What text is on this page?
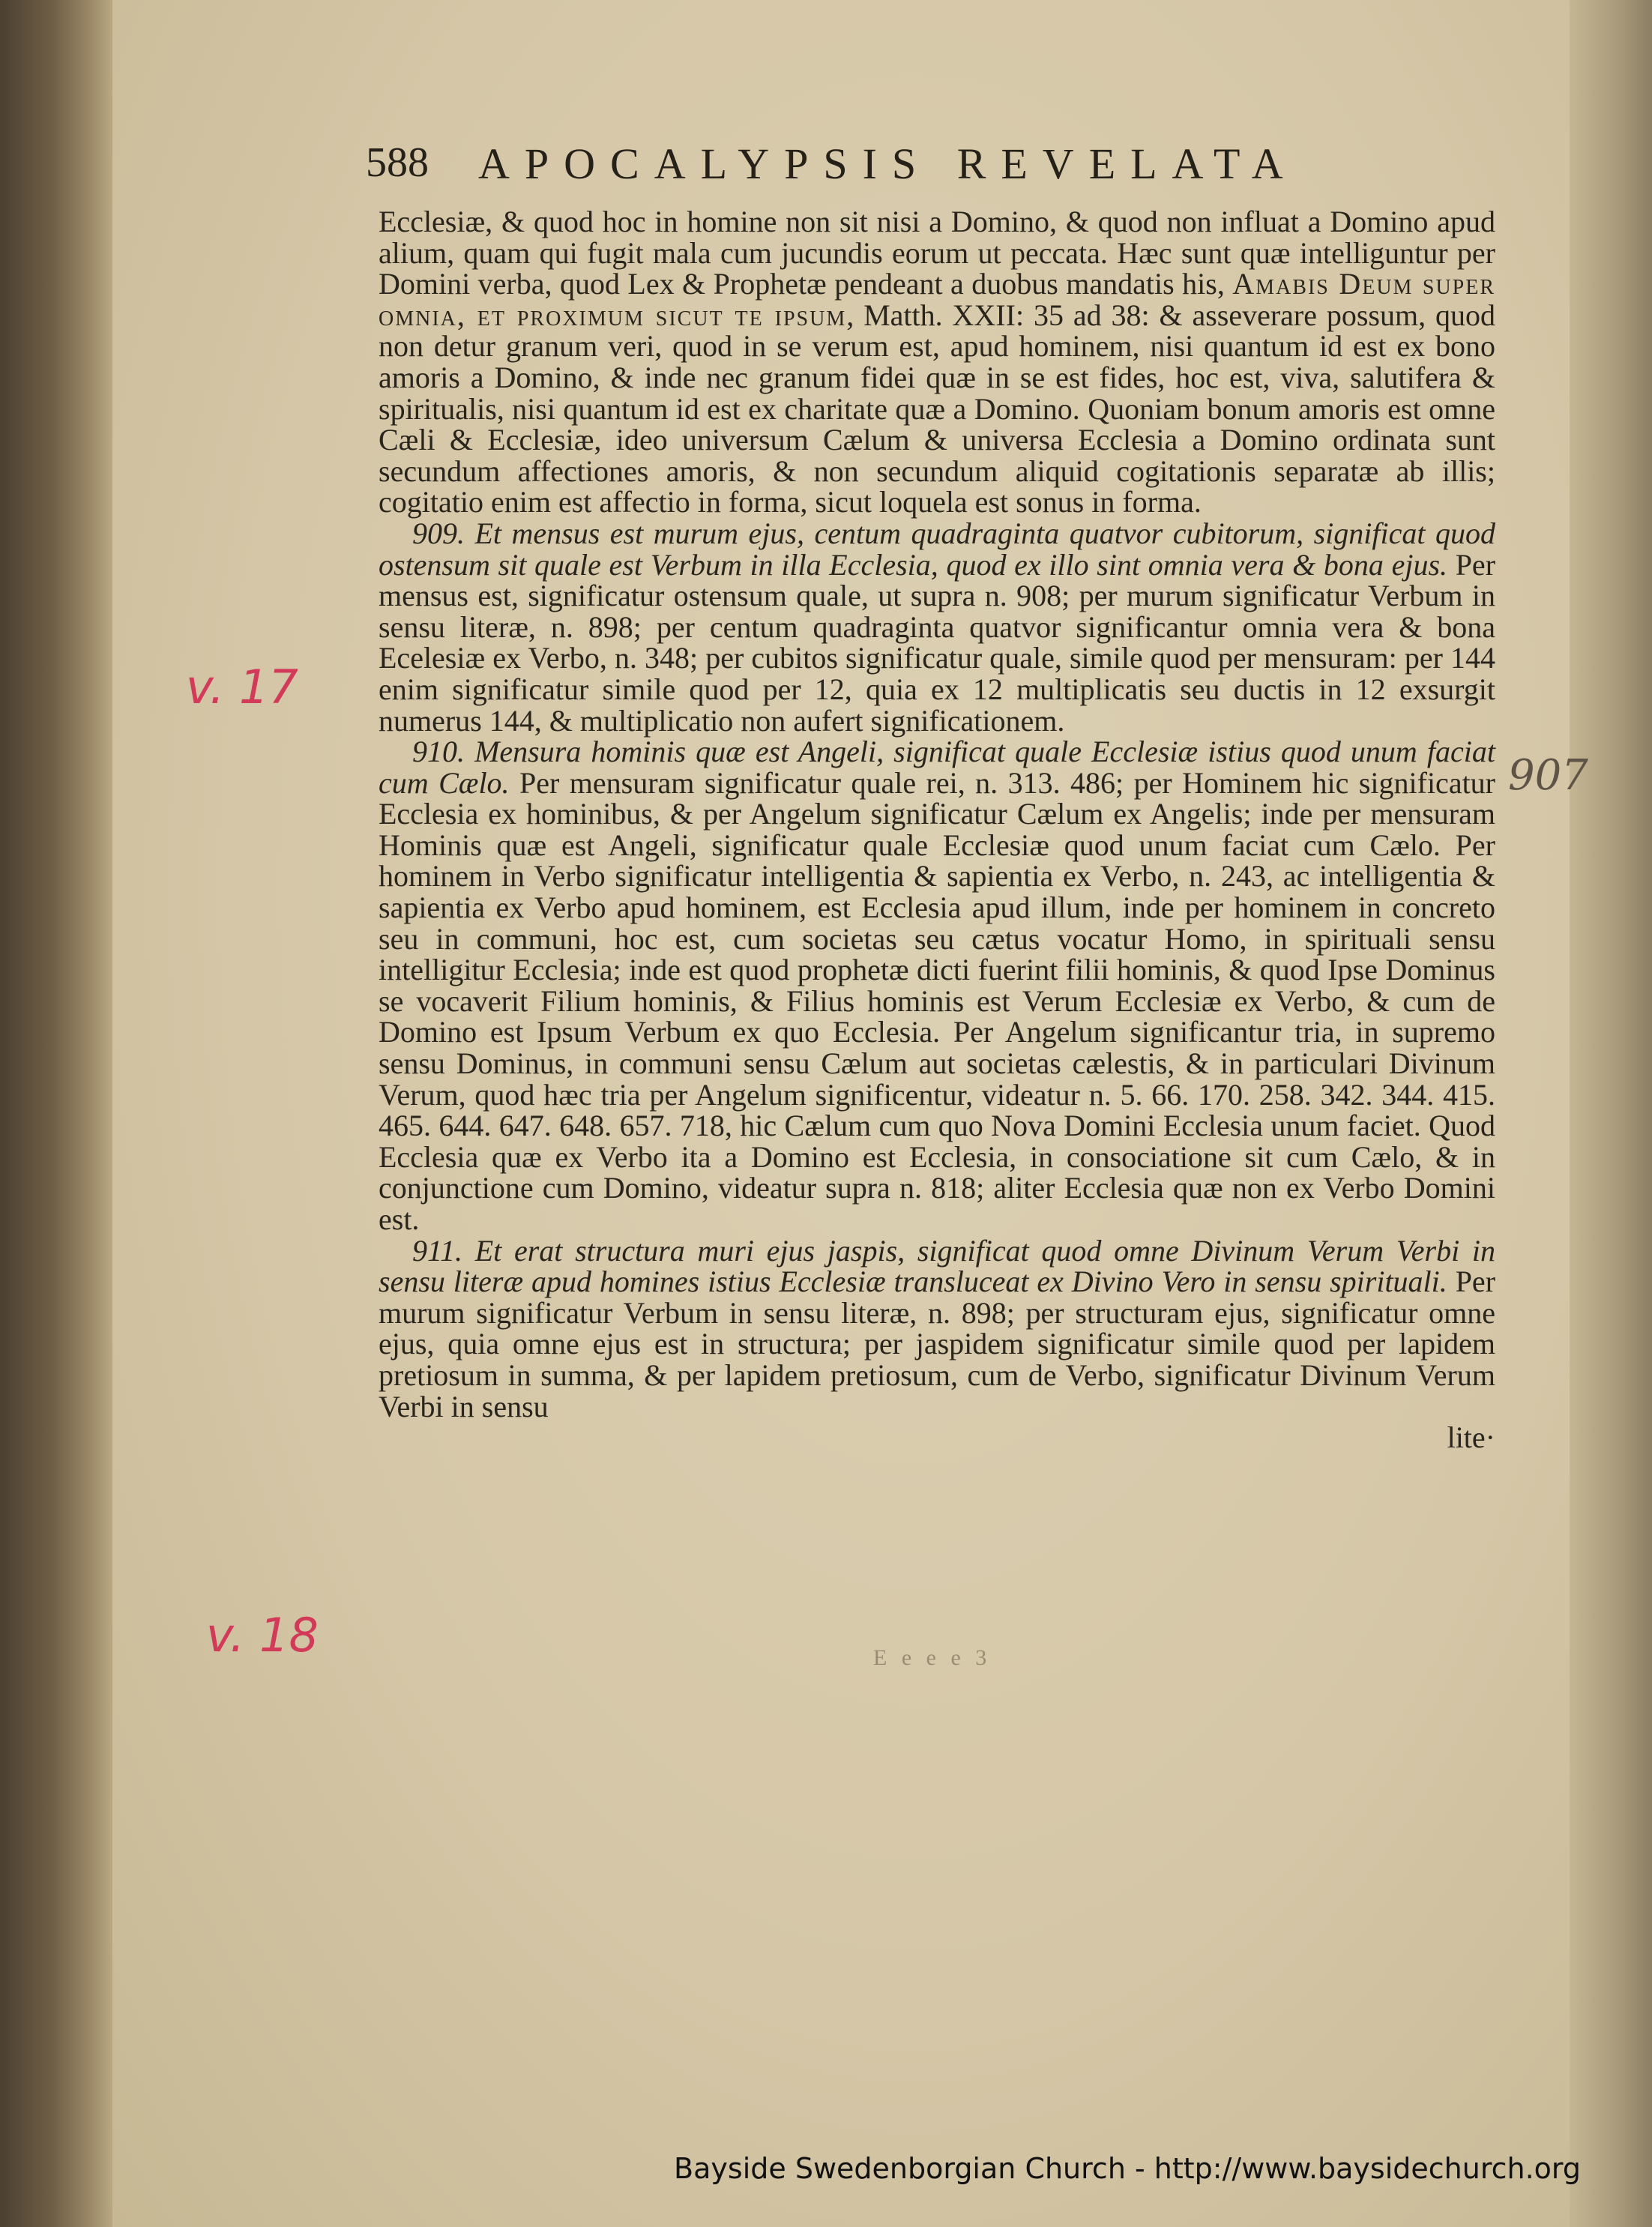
588 APOCALYPSIS REVELATA

Ecclesiæ, & quod hoc in homine non sit nisi a Domino, & quod non influat a Domino apud alium, quam qui fugit mala cum jucundis eorum ut peccata. Hæc sunt quæ intelliguntur per Domini verba, quod Lex & Prophetæ pendeant a duobus mandatis his, Amabis Deum super omnia, et proximum sicut te ipsum, Matth. XXII: 35 ad 38: & asseverare possum, quod non detur granum veri, quod in se verum est, apud hominem, nisi quantum id est ex bono amoris a Domino, & inde nec granum fidei quæ in se est fides, hoc est, viva, salutifera & spiritualis, nisi quantum id est ex charitate quæ a Domino. Quoniam bonum amoris est omne Cæli & Ecclesiæ, ideo universum Cælum & universa Ecclesia a Domino ordinata sunt secundum affectiones amoris, & non secundum aliquid cogitationis separatæ ab illis; cogitatio enim est affectio in forma, sicut loquela est sonus in forma.

909. Et mensus est murum ejus, centum quadraginta quatvor cubitorum, significat quod ostensum sit quale est Verbum in illa Ecclesia, quod ex illo sint omnia vera & bona ejus. Per mensus est, significatur ostensum quale, ut supra n. 908; per murum significatur Verbum in sensu literæ, n. 898; per centum quadraginta quatvor significantur omnia vera & bona Ecelesiæ ex Verbo, n. 348; per cubitos significatur quale, simile quod per mensuram: per 144 enim significatur simile quod per 12, quia ex 12 multiplicatis seu ductis in 12 exsurgit numerus 144, & multiplicatio non aufert significationem.

910. Mensura hominis quæ est Angeli, significat quale Ecclesiæ istius quod unum faciat cum Cælo. Per mensuram significatur quale rei, n. 313. 486; per Hominem hic significatur Ecclesia ex hominibus, & per Angelum significatur Cælum ex Angelis; inde per mensuram Hominis quæ est Angeli, significatur quale Ecclesiæ quod unum faciat cum Cælo. Per hominem in Verbo significatur intelligentia & sapientia ex Verbo, n. 243, ac intelligentia & sapientia ex Verbo apud hominem, est Ecclesia apud illum, inde per hominem in concreto seu in communi, hoc est, cum societas seu cætus vocatur Homo, in spirituali sensu intelligitur Ecclesia; inde est quod prophetæ dicti fuerint filii hominis, & quod Ipse Dominus se vocaverit Filium hominis, & Filius hominis est Verum Ecclesiæ ex Verbo, & cum de Domino est Ipsum Verbum ex quo Ecclesia. Per Angelum significantur tria, in supremo sensu Dominus, in communi sensu Cælum aut societas cælestis, & in particulari Divinum Verum, quod hæc tria per Angelum significentur, videatur n. 5. 66. 170. 258. 342. 344. 415. 465. 644. 647. 648. 657. 718, hic Cælum cum quo Nova Domini Ecclesia unum faciet. Quod Ecclesia quæ ex Verbo ita a Domino est Ecclesia, in consociatione sit cum Cælo, & in conjunctione cum Domino, videatur supra n. 818; aliter Ecclesia quæ non ex Verbo Domini est.

911. Et erat structura muri ejus jaspis, significat quod omne Divinum Verum Verbi in sensu literæ apud homines istius Ecclesiæ transluceat ex Divino Vero in sensu spirituali. Per murum significatur Verbum in sensu literæ, n. 898; per structuram ejus, significatur omne ejus, quia omne ejus est in structura; per jaspidem significatur simile quod per lapidem pretiosum in summa, & per lapidem pretiosum, cum de Verbo, significatur Divinum Verum Verbi in sensu

lite·

E e e e 3
v. 17
v. 18
907
Bayside Swedenborgian Church - http://www.baysidechurch.org
